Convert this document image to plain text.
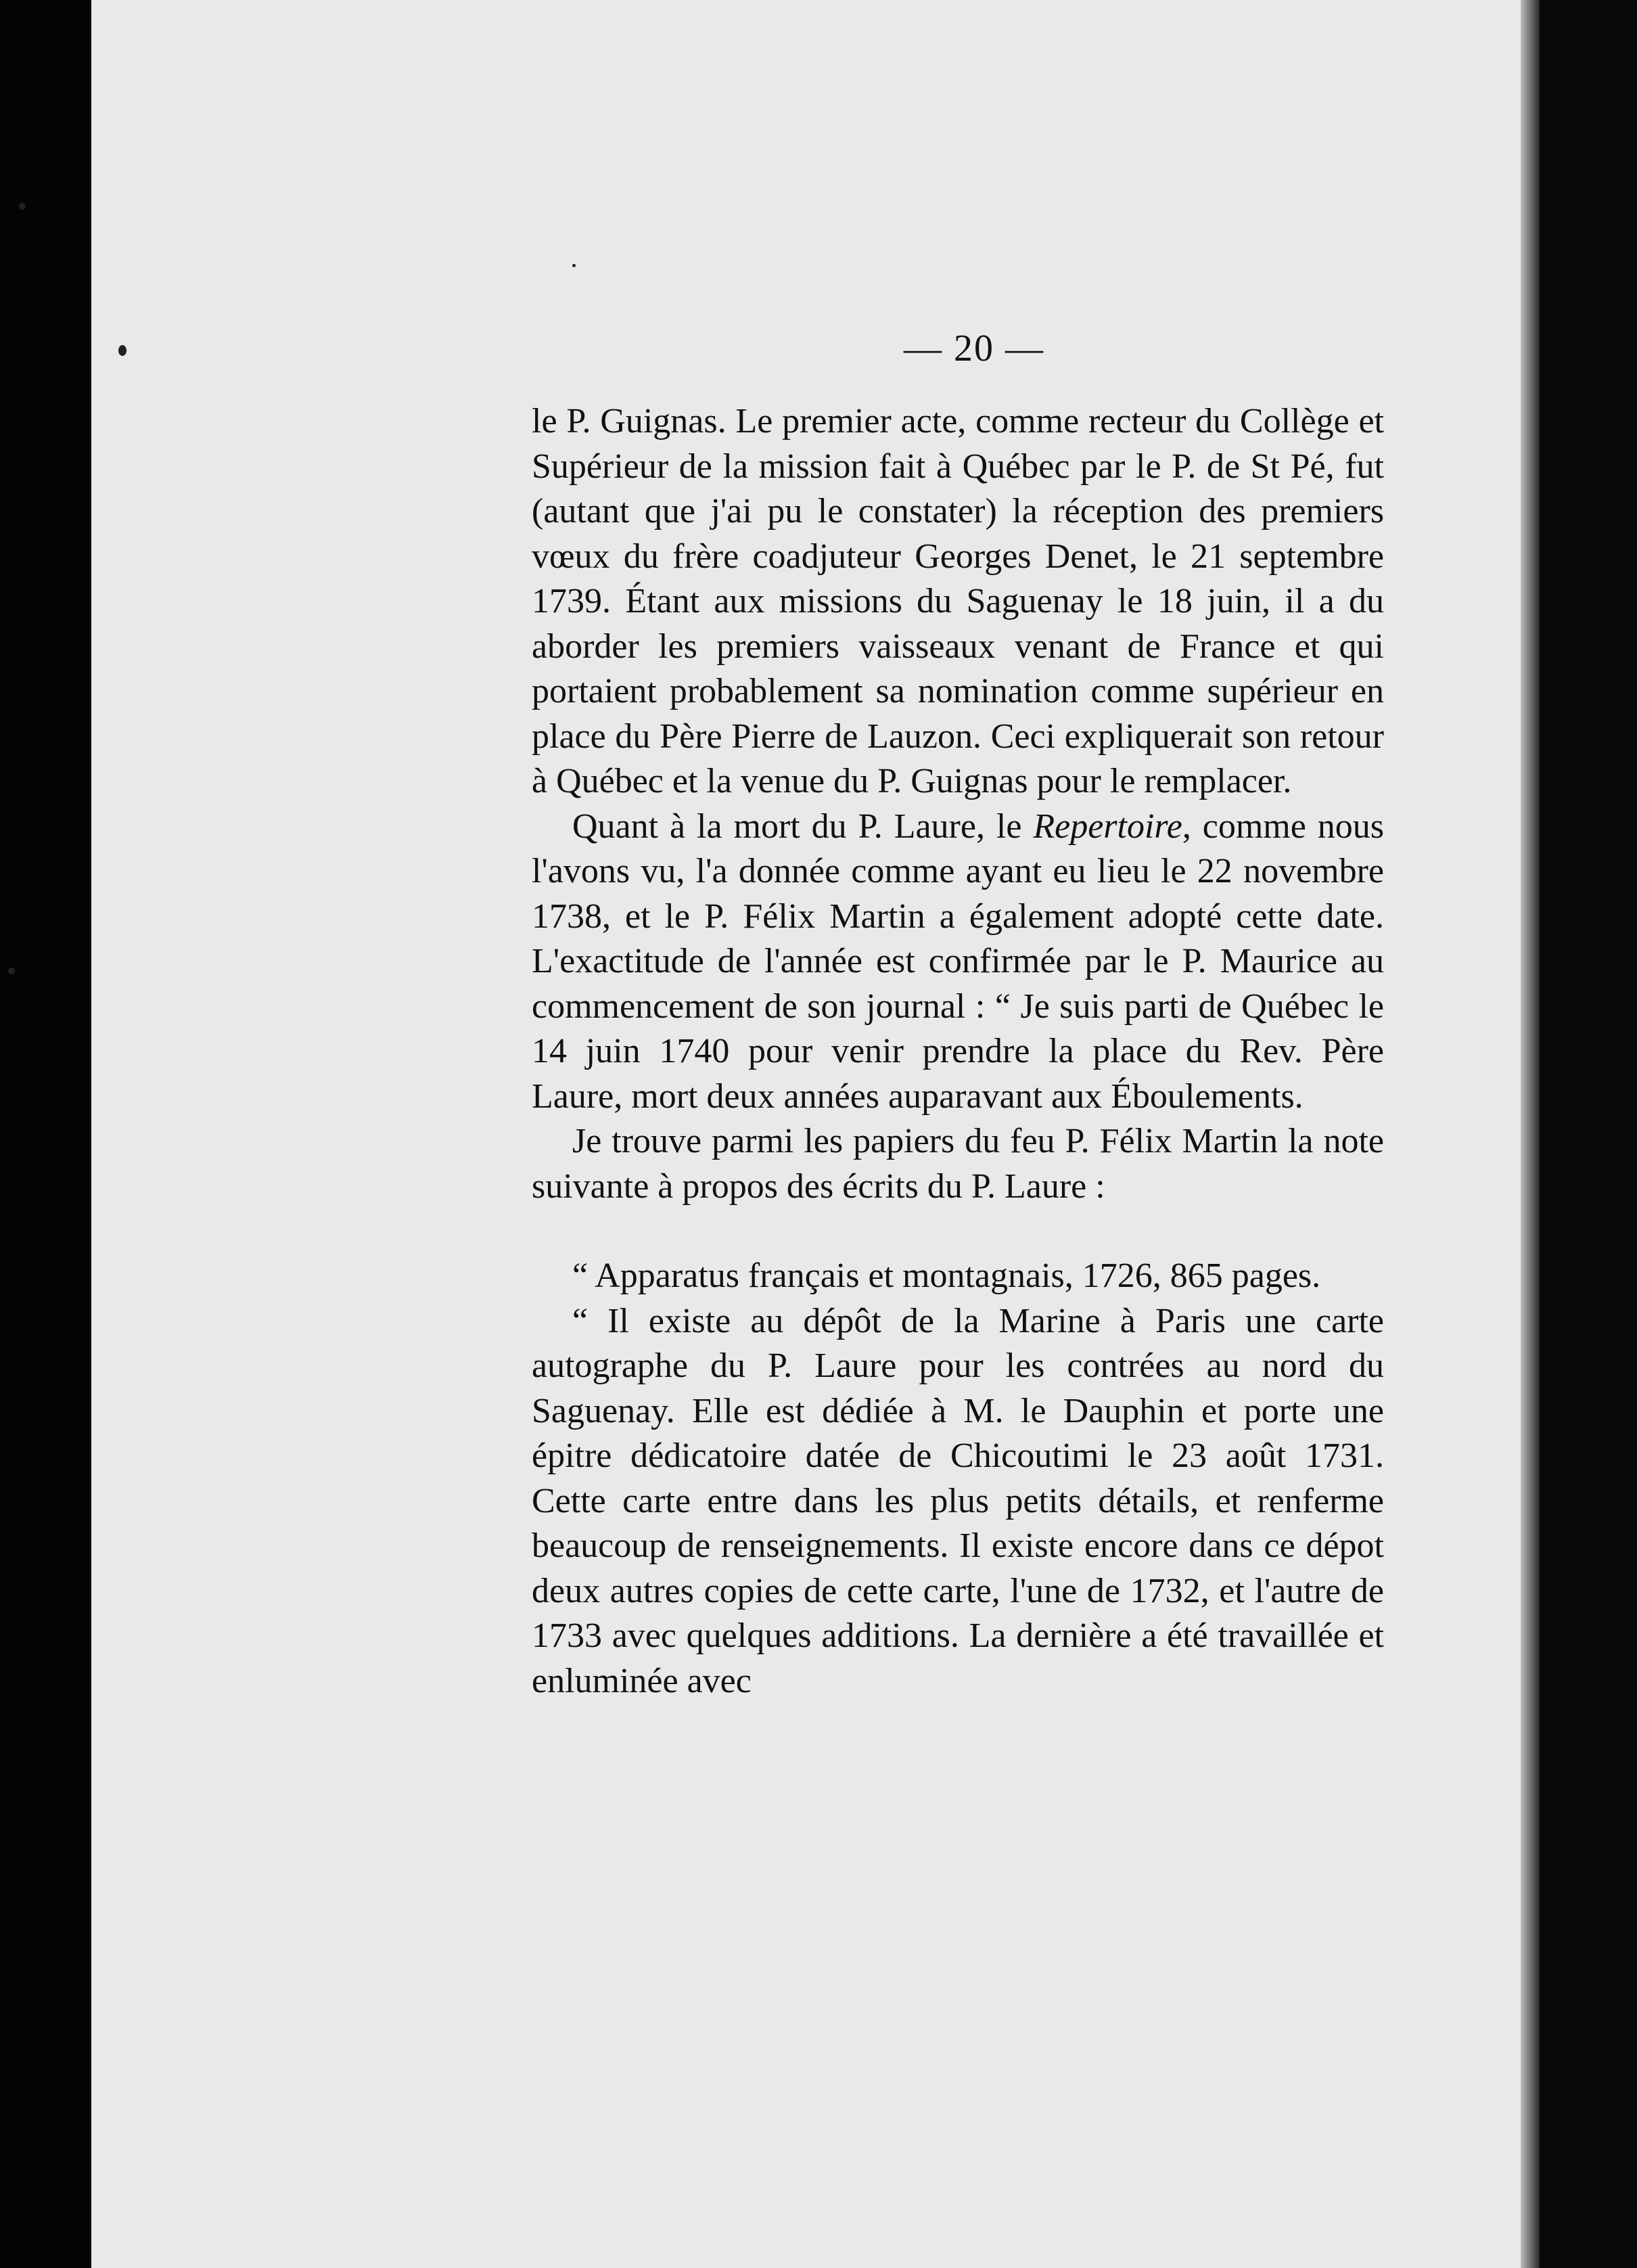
— 20 —

le P. Guignas. Le premier acte, comme recteur du Collège et Supérieur de la mission fait à Québec par le P. de St Pé, fut (autant que j'ai pu le constater) la réception des premiers vœux du frère coadjuteur Georges Denet, le 21 septembre 1739. Étant aux missions du Saguenay le 18 juin, il a du aborder les premiers vaisseaux venant de France et qui portaient probablement sa nomination comme supérieur en place du Père Pierre de Lauzon. Ceci expliquerait son retour à Québec et la venue du P. Guignas pour le remplacer.

Quant à la mort du P. Laure, le Repertoire, comme nous l'avons vu, l'a donnée comme ayant eu lieu le 22 novembre 1738, et le P. Félix Martin a également adopté cette date. L'exactitude de l'année est confirmée par le P. Maurice au commencement de son journal : “ Je suis parti de Québec le 14 juin 1740 pour venir prendre la place du Rev. Père Laure, mort deux années auparavant aux Éboulements.

Je trouve parmi les papiers du feu P. Félix Martin la note suivante à propos des écrits du P. Laure :

“ Apparatus français et montagnais, 1726, 865 pages.

“ Il existe au dépôt de la Marine à Paris une carte autographe du P. Laure pour les contrées au nord du Saguenay. Elle est dédiée à M. le Dauphin et porte une épitre dédicatoire datée de Chicoutimi le 23 août 1731. Cette carte entre dans les plus petits détails, et renferme beaucoup de renseignements. Il existe encore dans ce dépot deux autres copies de cette carte, l'une de 1732, et l'autre de 1733 avec quelques additions. La dernière a été travaillée et enluminée avec
